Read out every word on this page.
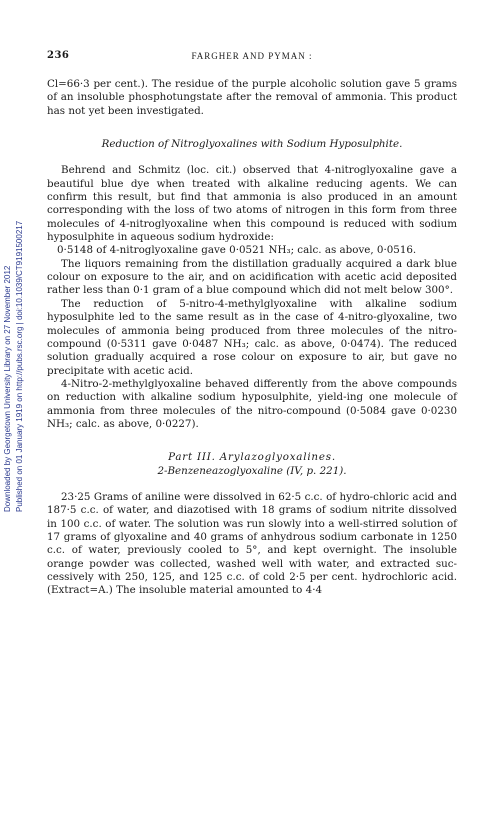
Downloaded by Georgetown University Library on 27 November 2012 Published on 01 January 1919 on http://pubs.rsc.org | doi:10.1039/CT9191500217
236	FARGHER AND PYMAN :

Cl=66·3 per cent.). The residue of the purple alcoholic solution gave 5 grams of an insoluble phosphotungstate after the removal of ammonia. This product has not yet been investigated.

Reduction of Nitroglyoxalines with Sodium Hyposulphite.

Behrend and Schmitz (loc. cit.) observed that 4-nitroglyoxaline gave a beautiful blue dye when treated with alkaline reducing agents. We can confirm this result, but find that ammonia is also produced in an amount corresponding with the loss of two atoms of nitrogen in this form from three molecules of 4-nitroglyoxaline when this compound is reduced with sodium hyposulphite in aqueous sodium hydroxide:

0·5148 of 4-nitroglyoxaline gave 0·0521 NH₃; calc. as above, 0·0516.

The liquors remaining from the distillation gradually acquired a dark blue colour on exposure to the air, and on acidification with acetic acid deposited rather less than 0·1 gram of a blue compound which did not melt below 300°.

The reduction of 5-nitro-4-methylglyoxaline with alkaline sodium hyposulphite led to the same result as in the case of 4-nitro-glyoxaline, two molecules of ammonia being produced from three molecules of the nitro-compound (0·5311 gave 0·0487 NH₃; calc. as above, 0·0474). The reduced solution gradually acquired a rose colour on exposure to air, but gave no precipitate with acetic acid.

4-Nitro-2-methylglyoxaline behaved differently from the above compounds on reduction with alkaline sodium hyposulphite, yield-ing one molecule of ammonia from three molecules of the nitro-compound (0·5084 gave 0·0230 NH₃; calc. as above, 0·0227).

Part III. Arylazoglyoxalines.

2-Benzeneazoglyoxaline (IV, p. 221).

23·25 Grams of aniline were dissolved in 62·5 c.c. of hydro-chloric acid and 187·5 c.c. of water, and diazotised with 18 grams of sodium nitrite dissolved in 100 c.c. of water. The solution was run slowly into a well-stirred solution of 17 grams of glyoxaline and 40 grams of anhydrous sodium carbonate in 1250 c.c. of water, previously cooled to 5°, and kept overnight. The insoluble orange powder was collected, washed well with water, and extracted suc-cessively with 250, 125, and 125 c.c. of cold 2·5 per cent. hydrochloric acid. (Extract=A.) The insoluble material amounted to 4·4
